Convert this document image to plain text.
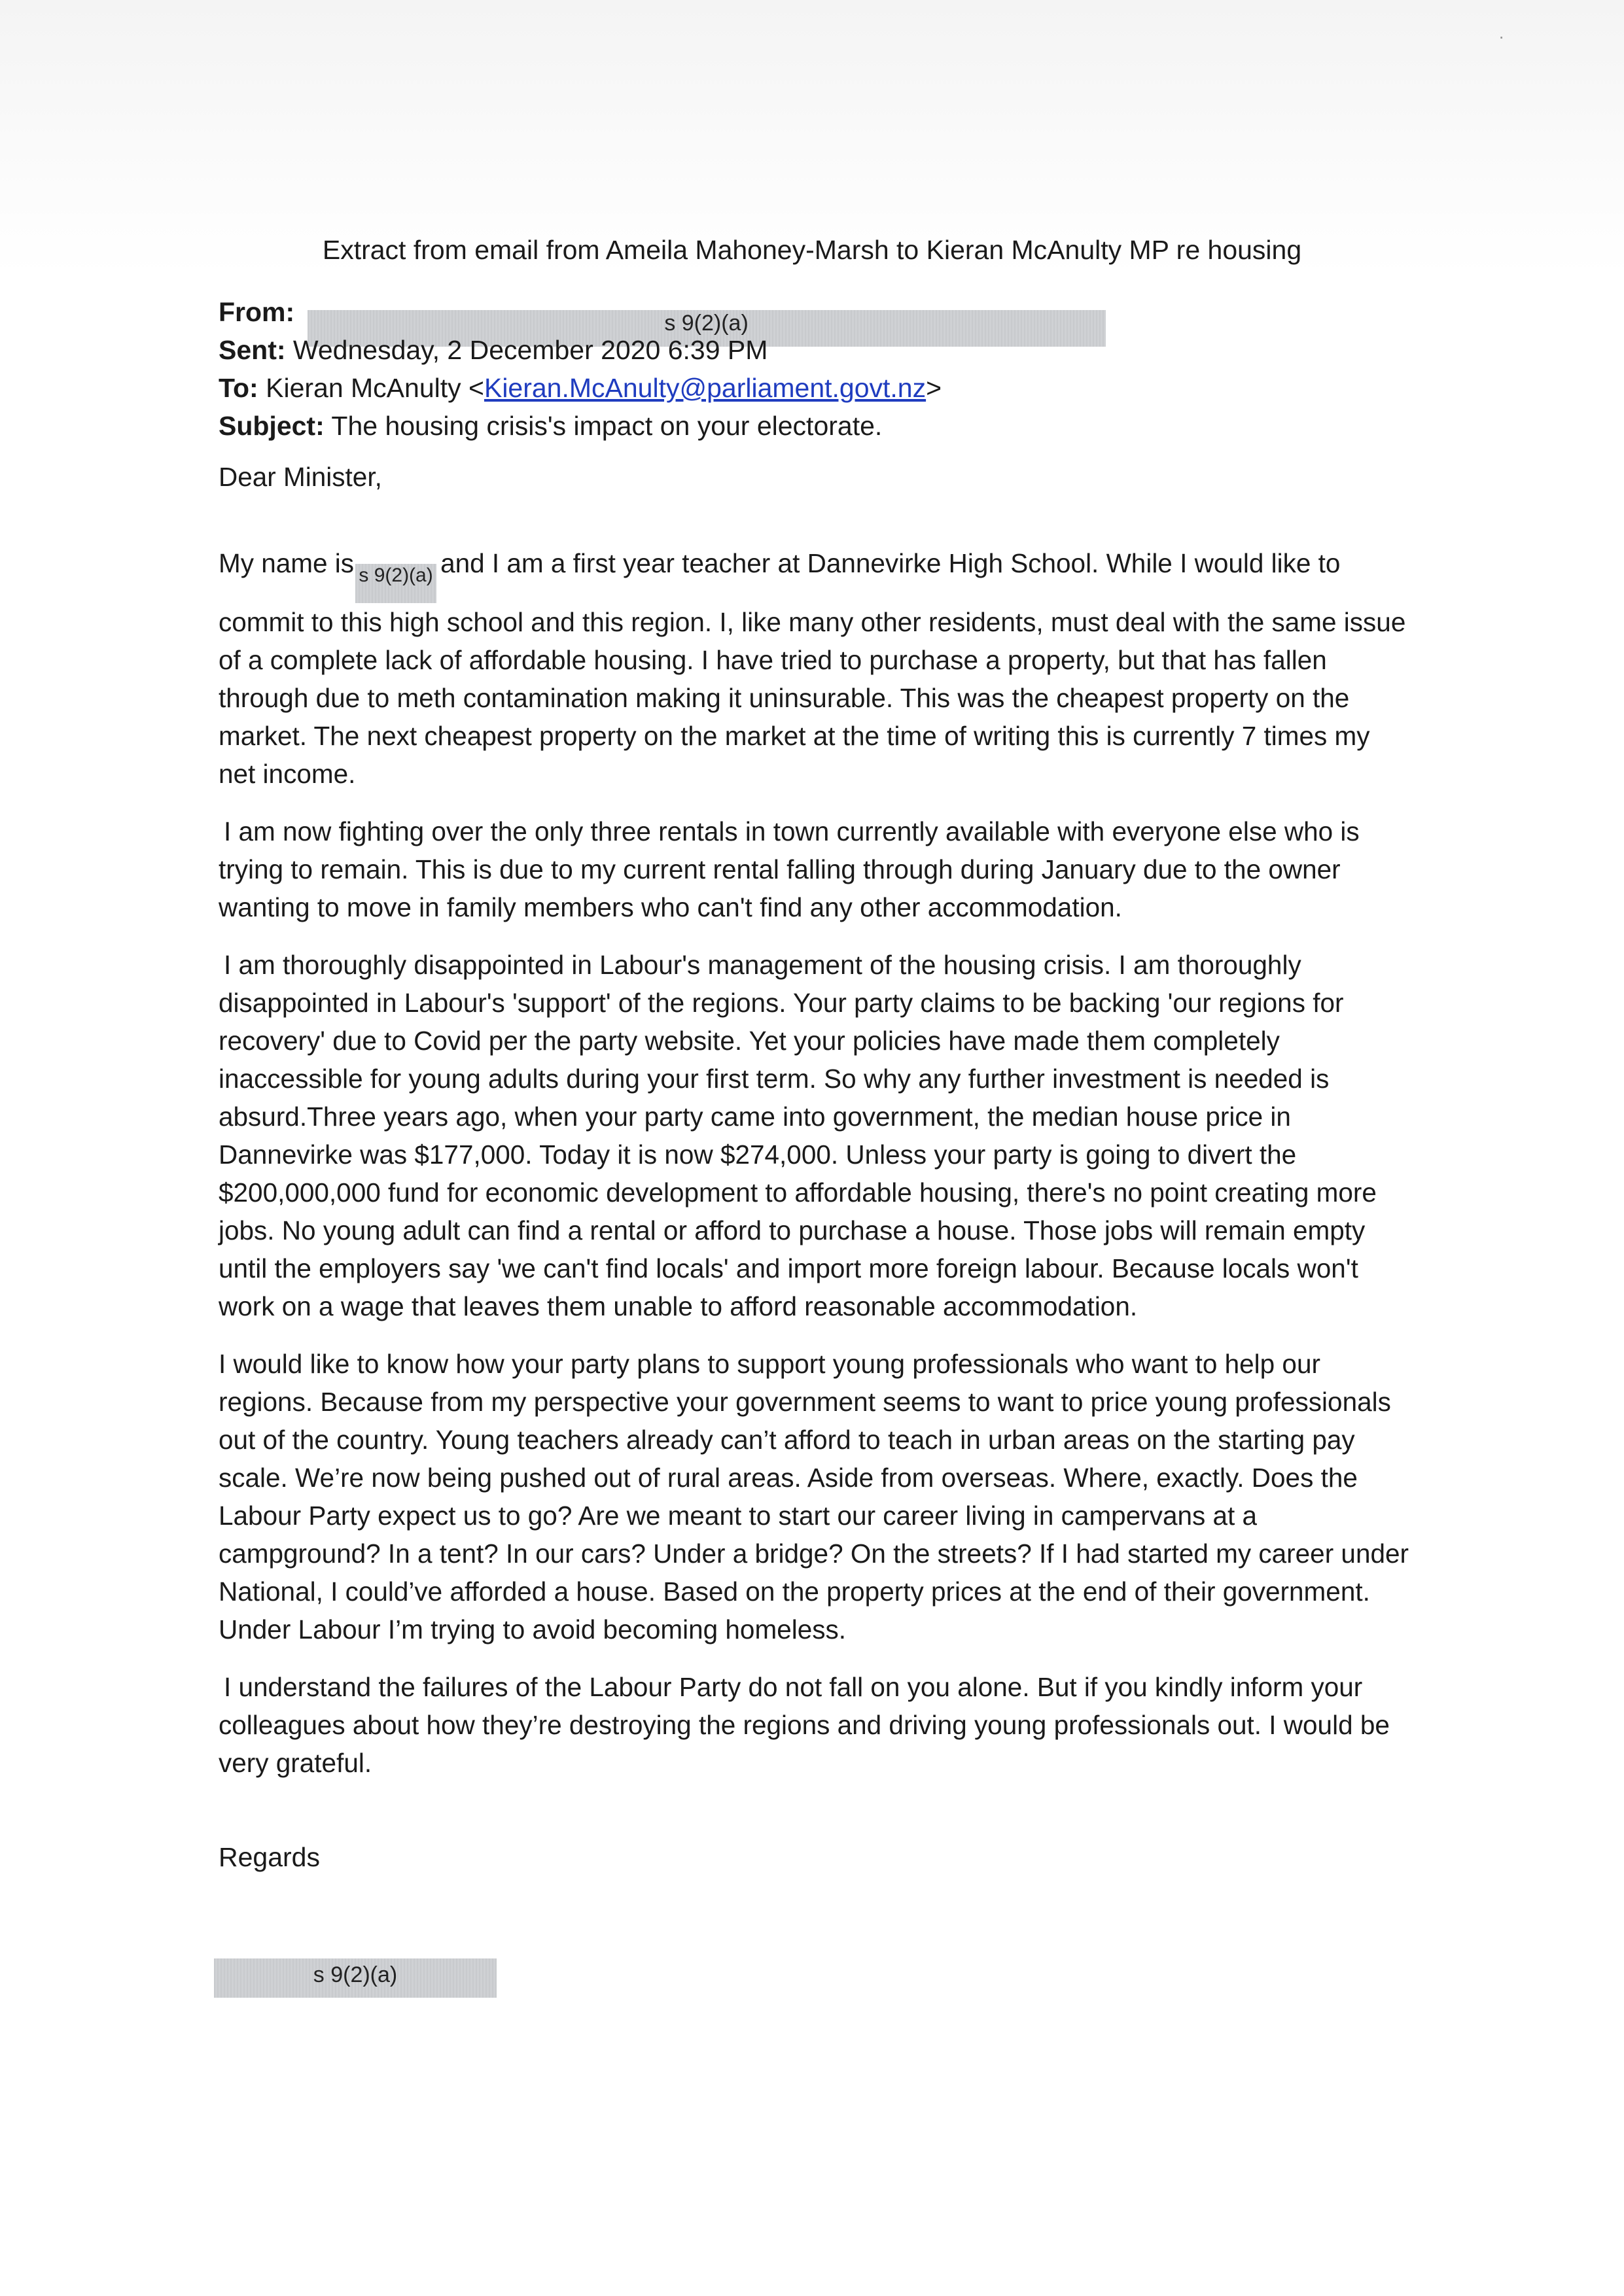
Extract from email from Ameila Mahoney-Marsh to Kieran McAnulty MP re housing
From:	s 9(2)(a)
Sent: Wednesday, 2 December 2020 6:39 PM
To: Kieran McAnulty <Kieran.McAnulty@parliament.govt.nz>
Subject: The housing crisis's impact on your electorate.

Dear Minister,

My name is s 9(2)(a) and I am a first year teacher at Dannevirke High School. While I would like to commit to this high school and this region. I, like many other residents, must deal with the same issue of a complete lack of affordable housing. I have tried to purchase a property, but that has fallen through due to meth contamination making it uninsurable. This was the cheapest property on the market. The next cheapest property on the market at the time of writing this is currently 7 times my net income.

I am now fighting over the only three rentals in town currently available with everyone else who is trying to remain. This is due to my current rental falling through during January due to the owner wanting to move in family members who can't find any other accommodation.

I am thoroughly disappointed in Labour's management of the housing crisis. I am thoroughly disappointed in Labour's 'support' of the regions. Your party claims to be backing 'our regions for recovery' due to Covid per the party website. Yet your policies have made them completely inaccessible for young adults during your first term. So why any further investment is needed is absurd.Three years ago, when your party came into government, the median house price in Dannevirke was $177,000. Today it is now $274,000. Unless your party is going to divert the $200,000,000 fund for economic development to affordable housing, there's no point creating more jobs. No young adult can find a rental or afford to purchase a house. Those jobs will remain empty until the employers say 'we can't find locals' and import more foreign labour. Because locals won't work on a wage that leaves them unable to afford reasonable accommodation.

I would like to know how your party plans to support young professionals who want to help our regions. Because from my perspective your government seems to want to price young professionals out of the country. Young teachers already can’t afford to teach in urban areas on the starting pay scale. We’re now being pushed out of rural areas. Aside from overseas. Where, exactly. Does the Labour Party expect us to go? Are we meant to start our career living in campervans at a campground? In a tent? In our cars? Under a bridge? On the streets? If I had started my career under National, I could’ve afforded a house. Based on the property prices at the end of their government. Under Labour I’m trying to avoid becoming homeless.

I understand the failures of the Labour Party do not fall on you alone. But if you kindly inform your colleagues about how they’re destroying the regions and driving young professionals out. I would be very grateful.

Regards
s 9(2)(a)
·
